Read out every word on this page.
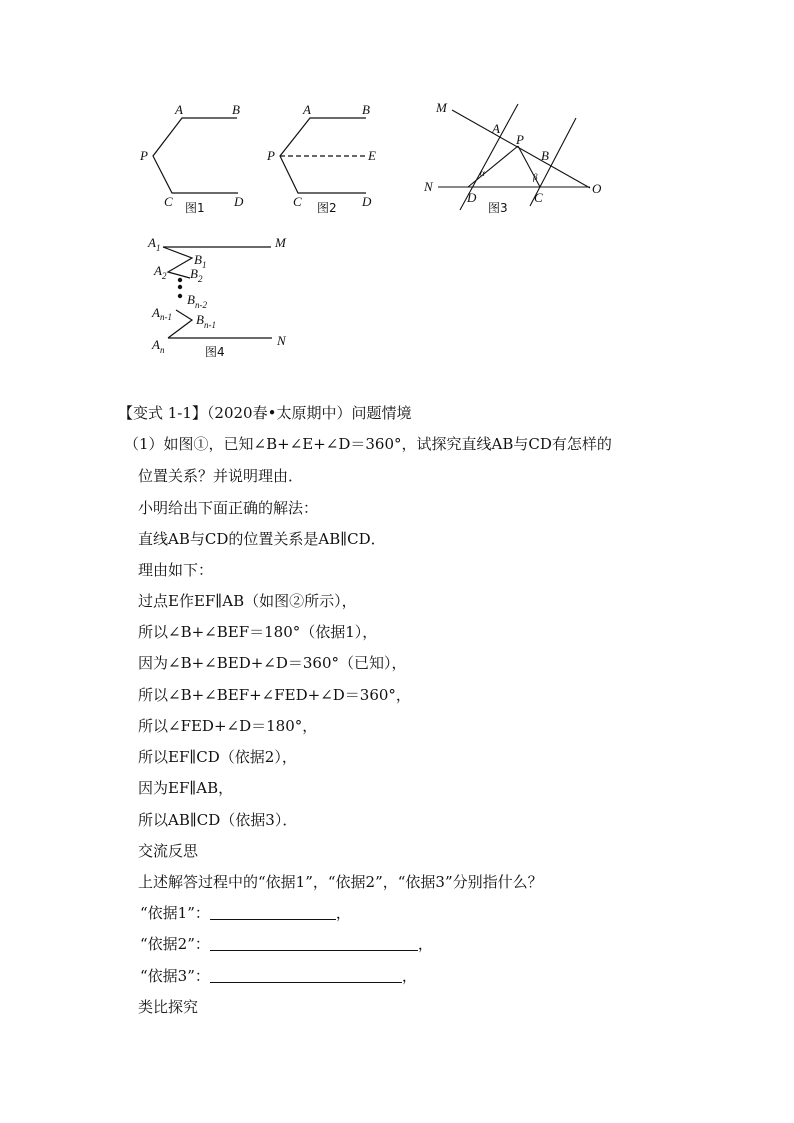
A	B
P
C	D
图1
A	B
P	E
C	D
图2
M
A
P
B
N
D	C
O
α	β
图3
$A_1$	M
$B_1$
$A_2$ $B_2$
$B_{n-2}$
$A_{n-1}$ $B_{n-1}$
$A_n$
N
图4
【变式 1-1】（2020春•太原期中）问题情境
（1）如图①，已知∠B+∠E+∠D＝360°，试探究直线AB与CD有怎样的
位置关系？并说明理由．
小明给出下面正确的解法：
直线AB与CD的位置关系是AB∥CD．
理由如下：
过点E作EF∥AB（如图②所示），
所以∠B+∠BEF＝180°（依据1），
因为∠B+∠BED+∠D＝360°（已知），
所以∠B+∠BEF+∠FED+∠D＝360°，
所以∠FED+∠D＝180°，
所以EF∥CD（依据2），
因为EF∥AB，
所以AB∥CD（依据3）．
交流反思
上述解答过程中的“依据1”，“依据2”，“依据3”分别指什么？
“依据1”：	，
“依据2”：	，
“依据3”：	，
类比探究
